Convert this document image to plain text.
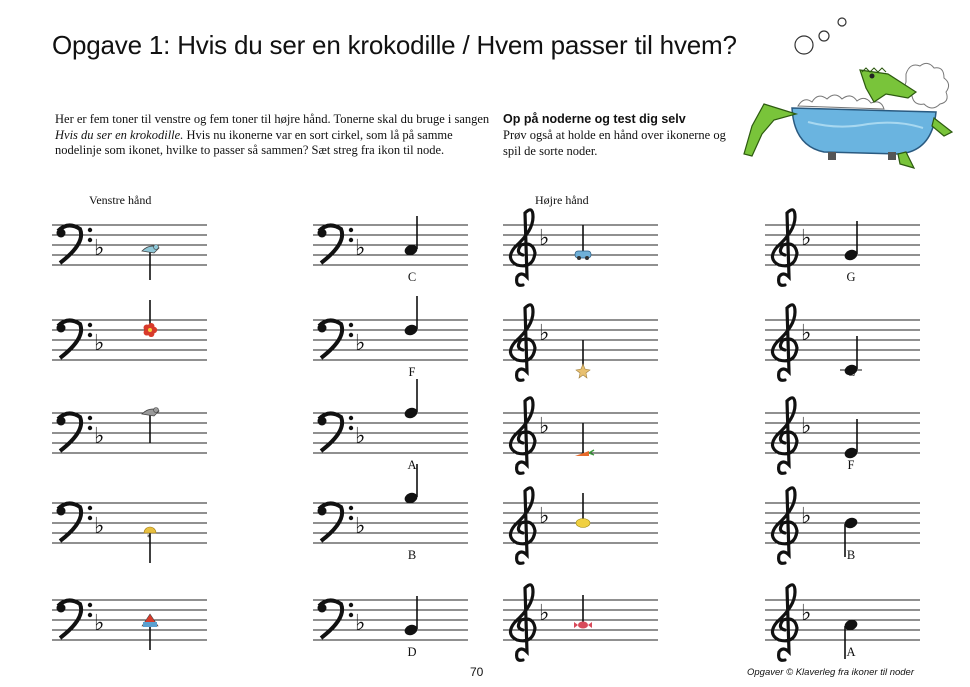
Opgave 1: Hvis du ser en krokodille / Hvem passer til hvem?
Her er fem toner til venstre og fem toner til højre hånd. Tonerne skal du bruge i sangen Hvis du ser en krokodille. Hvis nu ikonerne var en sort cirkel, som lå på samme nodelinje som ikonet, hvilke to passer så sammen? Sæt streg fra ikon til node.
Op på noderne og test dig selv
Prøv også at holde en hånd over ikonerne og spil de sorte noder.
Venstre hånd	Højre hånd
♭
♭
♭
♭	*
♭
♭
C
♭
F
♭
A
♭
B
♭
D
♭
♭
♭
♭
♭
♭
G
♭
C
♭
F
♭
B
♭
A
70	Opgaver © Klaverleg fra ikoner til noder
